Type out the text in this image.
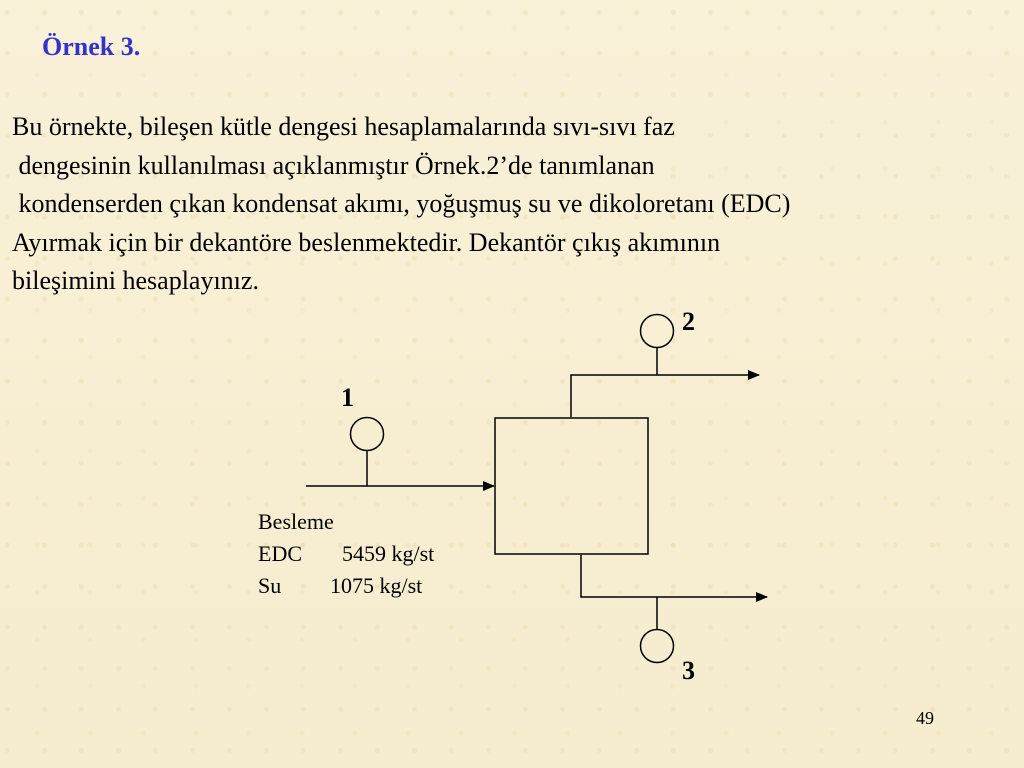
Örnek 3.
Bu örnekte, bileşen kütle dengesi hesaplamalarında sıvı-sıvı faz
dengesinin kullanılması açıklanmıştır Örnek.2’de tanımlanan
kondenserden çıkan kondensat akımı, yoğuşmuş su ve dikoloretanı (EDC)
Ayırmak için bir dekantöre beslenmektedir. Dekantör çıkış akımının
bileşimini hesaplayınız.
1
2
3
Besleme
EDC	5459 kg/st
Su	1075 kg/st
49
